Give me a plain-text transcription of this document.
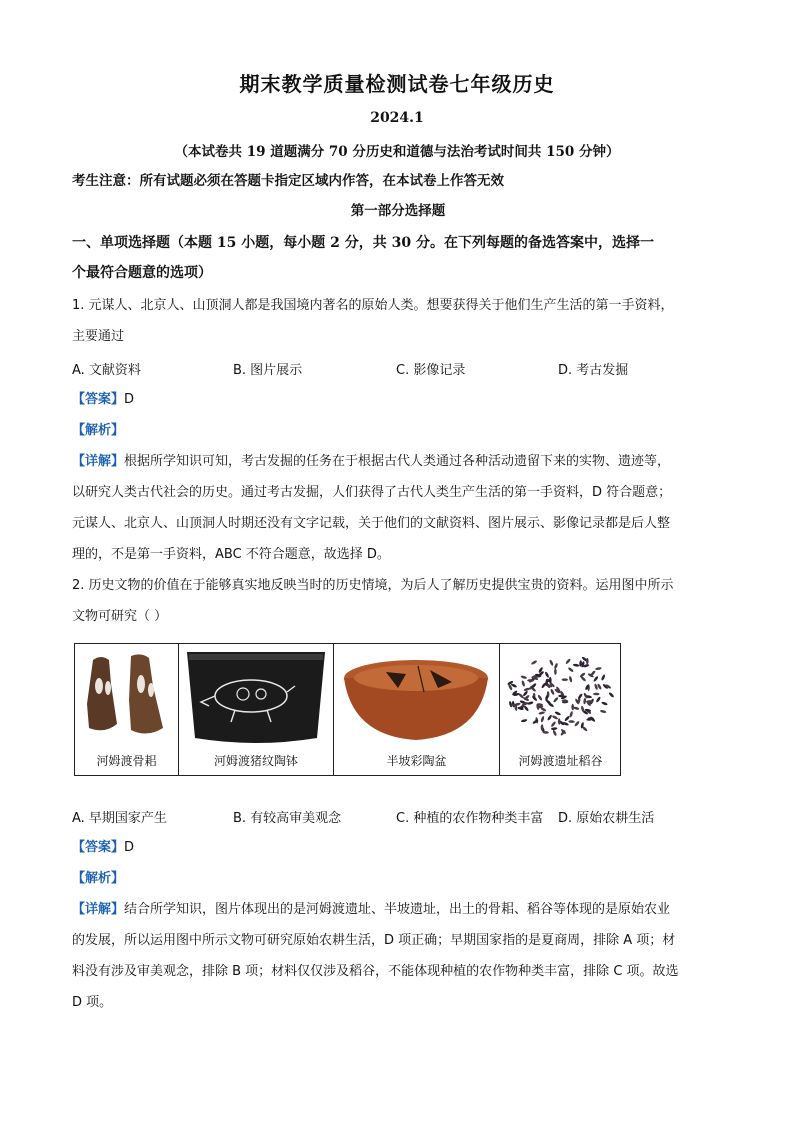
期末教学质量检测试卷七年级历史
2024.1
（本试卷共 19 道题满分 70 分历史和道德与法治考试时间共 150 分钟）
考生注意：所有试题必须在答题卡指定区域内作答，在本试卷上作答无效
第一部分选择题
一、单项选择题（本题 15 小题，每小题 2 分，共 30 分。在下列每题的备选答案中，选择一
个最符合题意的选项）
1. 元谋人、北京人、山顶洞人都是我国境内著名的原始人类。想要获得关于他们生产生活的第一手资料，
主要通过
A. 文献资料	B. 图片展示	C. 影像记录	D. 考古发掘
【答案】D
【解析】
【详解】根据所学知识可知，考古发掘的任务在于根据古代人类通过各种活动遗留下来的实物、遗迹等，
以研究人类古代社会的历史。通过考古发掘，人们获得了古代人类生产生活的第一手资料，D 符合题意；
元谋人、北京人、山顶洞人时期还没有文字记载，关于他们的文献资料、图片展示、影像记录都是后人整
理的，不是第一手资料，ABC 不符合题意，故选择 D。
2. 历史文物的价值在于能够真实地反映当时的历史情境，为后人了解历史提供宝贵的资料。运用图中所示
文物可研究（ ）
河姆渡骨耜	河姆渡猪纹陶钵	半坡彩陶盆	河姆渡遗址稻谷
A. 早期国家产生	B. 有较高审美观念	C. 种植的农作物种类丰富 D. 原始农耕生活
【答案】D
【解析】
【详解】结合所学知识，图片体现出的是河姆渡遗址、半坡遗址，出土的骨耜、稻谷等体现的是原始农业
的发展，所以运用图中所示文物可研究原始农耕生活，D 项正确；早期国家指的是夏商周，排除 A 项；材
料没有涉及审美观念，排除 B 项；材料仅仅涉及稻谷，不能体现种植的农作物种类丰富，排除 C 项。故选
D 项。
